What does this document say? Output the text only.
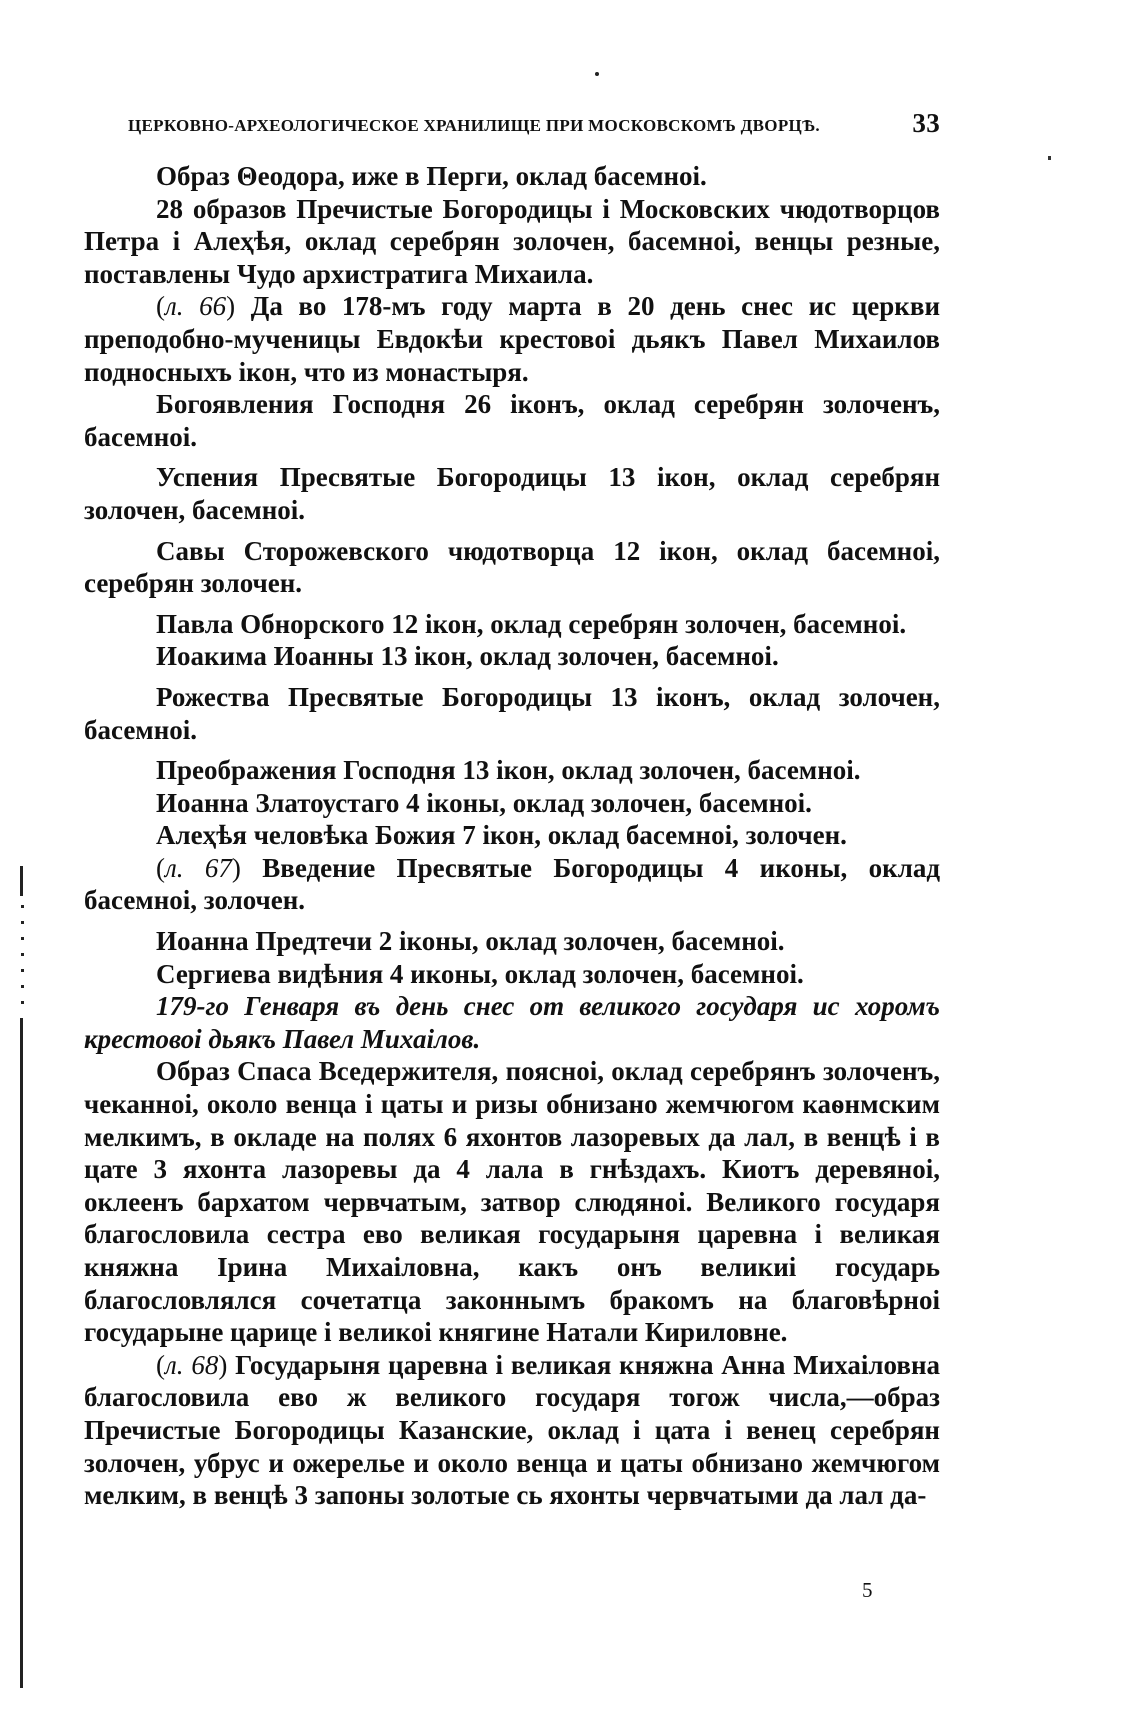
ЦЕРКОВНО-АРХЕОЛОГИЧЕСКОЕ ХРАНИЛИЩЕ ПРИ МОСКОВСКОМЪ ДВОРЦѢ.	33

Образ Θеодора, иже в Перги, оклад басемноі.

28 образов Пречистые Богородицы і Московских чюдотворцов Петра і Алеҳѣя, оклад серебрян золочен, басемноі, венцы резные, поставлены Чудо архистратига Михаила.

(л. 66) Да во 178-мъ году марта в 20 день снес ис церкви преподобно-мученицы Евдокѣи крестовоі дьякъ Павел Михаилов подносныхъ ікон, что из монастыря.

Богоявления Господня 26 іконъ, оклад серебрян золоченъ, басемноі.

Успения Пресвятые Богородицы 13 ікон, оклад серебрян золочен, басемноі.

Савы Сторожевского чюдотворца 12 ікон, оклад басемноі, серебрян золочен.

Павла Обнорского 12 ікон, оклад серебрян золочен, басемноі.

Иоакима Иоанны 13 ікон, оклад золочен, басемноі.

Рожества Пресвятые Богородицы 13 іконъ, оклад золочен, басемноі.

Преображения Господня 13 ікон, оклад золочен, басемноі.

Иоанна Златоустаго 4 іконы, оклад золочен, басемноі.

Алеҳѣя человѣка Божия 7 ікон, оклад басемноі, золочен.

(л. 67) Введение Пресвятые Богородицы 4 иконы, оклад басемноі, золочен.

Иоанна Предтечи 2 іконы, оклад золочен, басемноі.

Сергиева видѣния 4 иконы, оклад золочен, басемноі.

179-го Генваря въ день снес от великого государя ис хоромъ крестовоі дьякъ Павел Михаілов.

Образ Спаса Вседержителя, поясноі, оклад серебрянъ золоченъ, чеканноі, около венца і цаты и ризы обнизано жемчюгом каѳнмским мелкимъ, в окладе на полях 6 яхонтов лазоревых да лал, в венцѣ і в цате 3 яхонта лазоревы да 4 лала в гнѣздахъ. Киотъ деревяноі, оклеенъ бархатом червчатым, затвор слюдяноі. Великого государя благословила сестра ево великая государыня царевна і великая княжна Ірина Михаіловна, какъ онъ великиі государь благословлялся сочетатца законнымъ бракомъ на благовѣрноі государыне царице і великоі княгине Натали Кириловне.

(л. 68) Государыня царевна і великая княжна Анна Михаіловна благословила ево ж великого государя тогож числа,—образ Пречистые Богородицы Казанские, оклад і цата і венец серебрян золочен, убрус и ожерелье и около венца и цаты обнизано жемчюгом мелким, в венцѣ 3 запоны золотые сь яхонты червчатыми да лал да-

5
